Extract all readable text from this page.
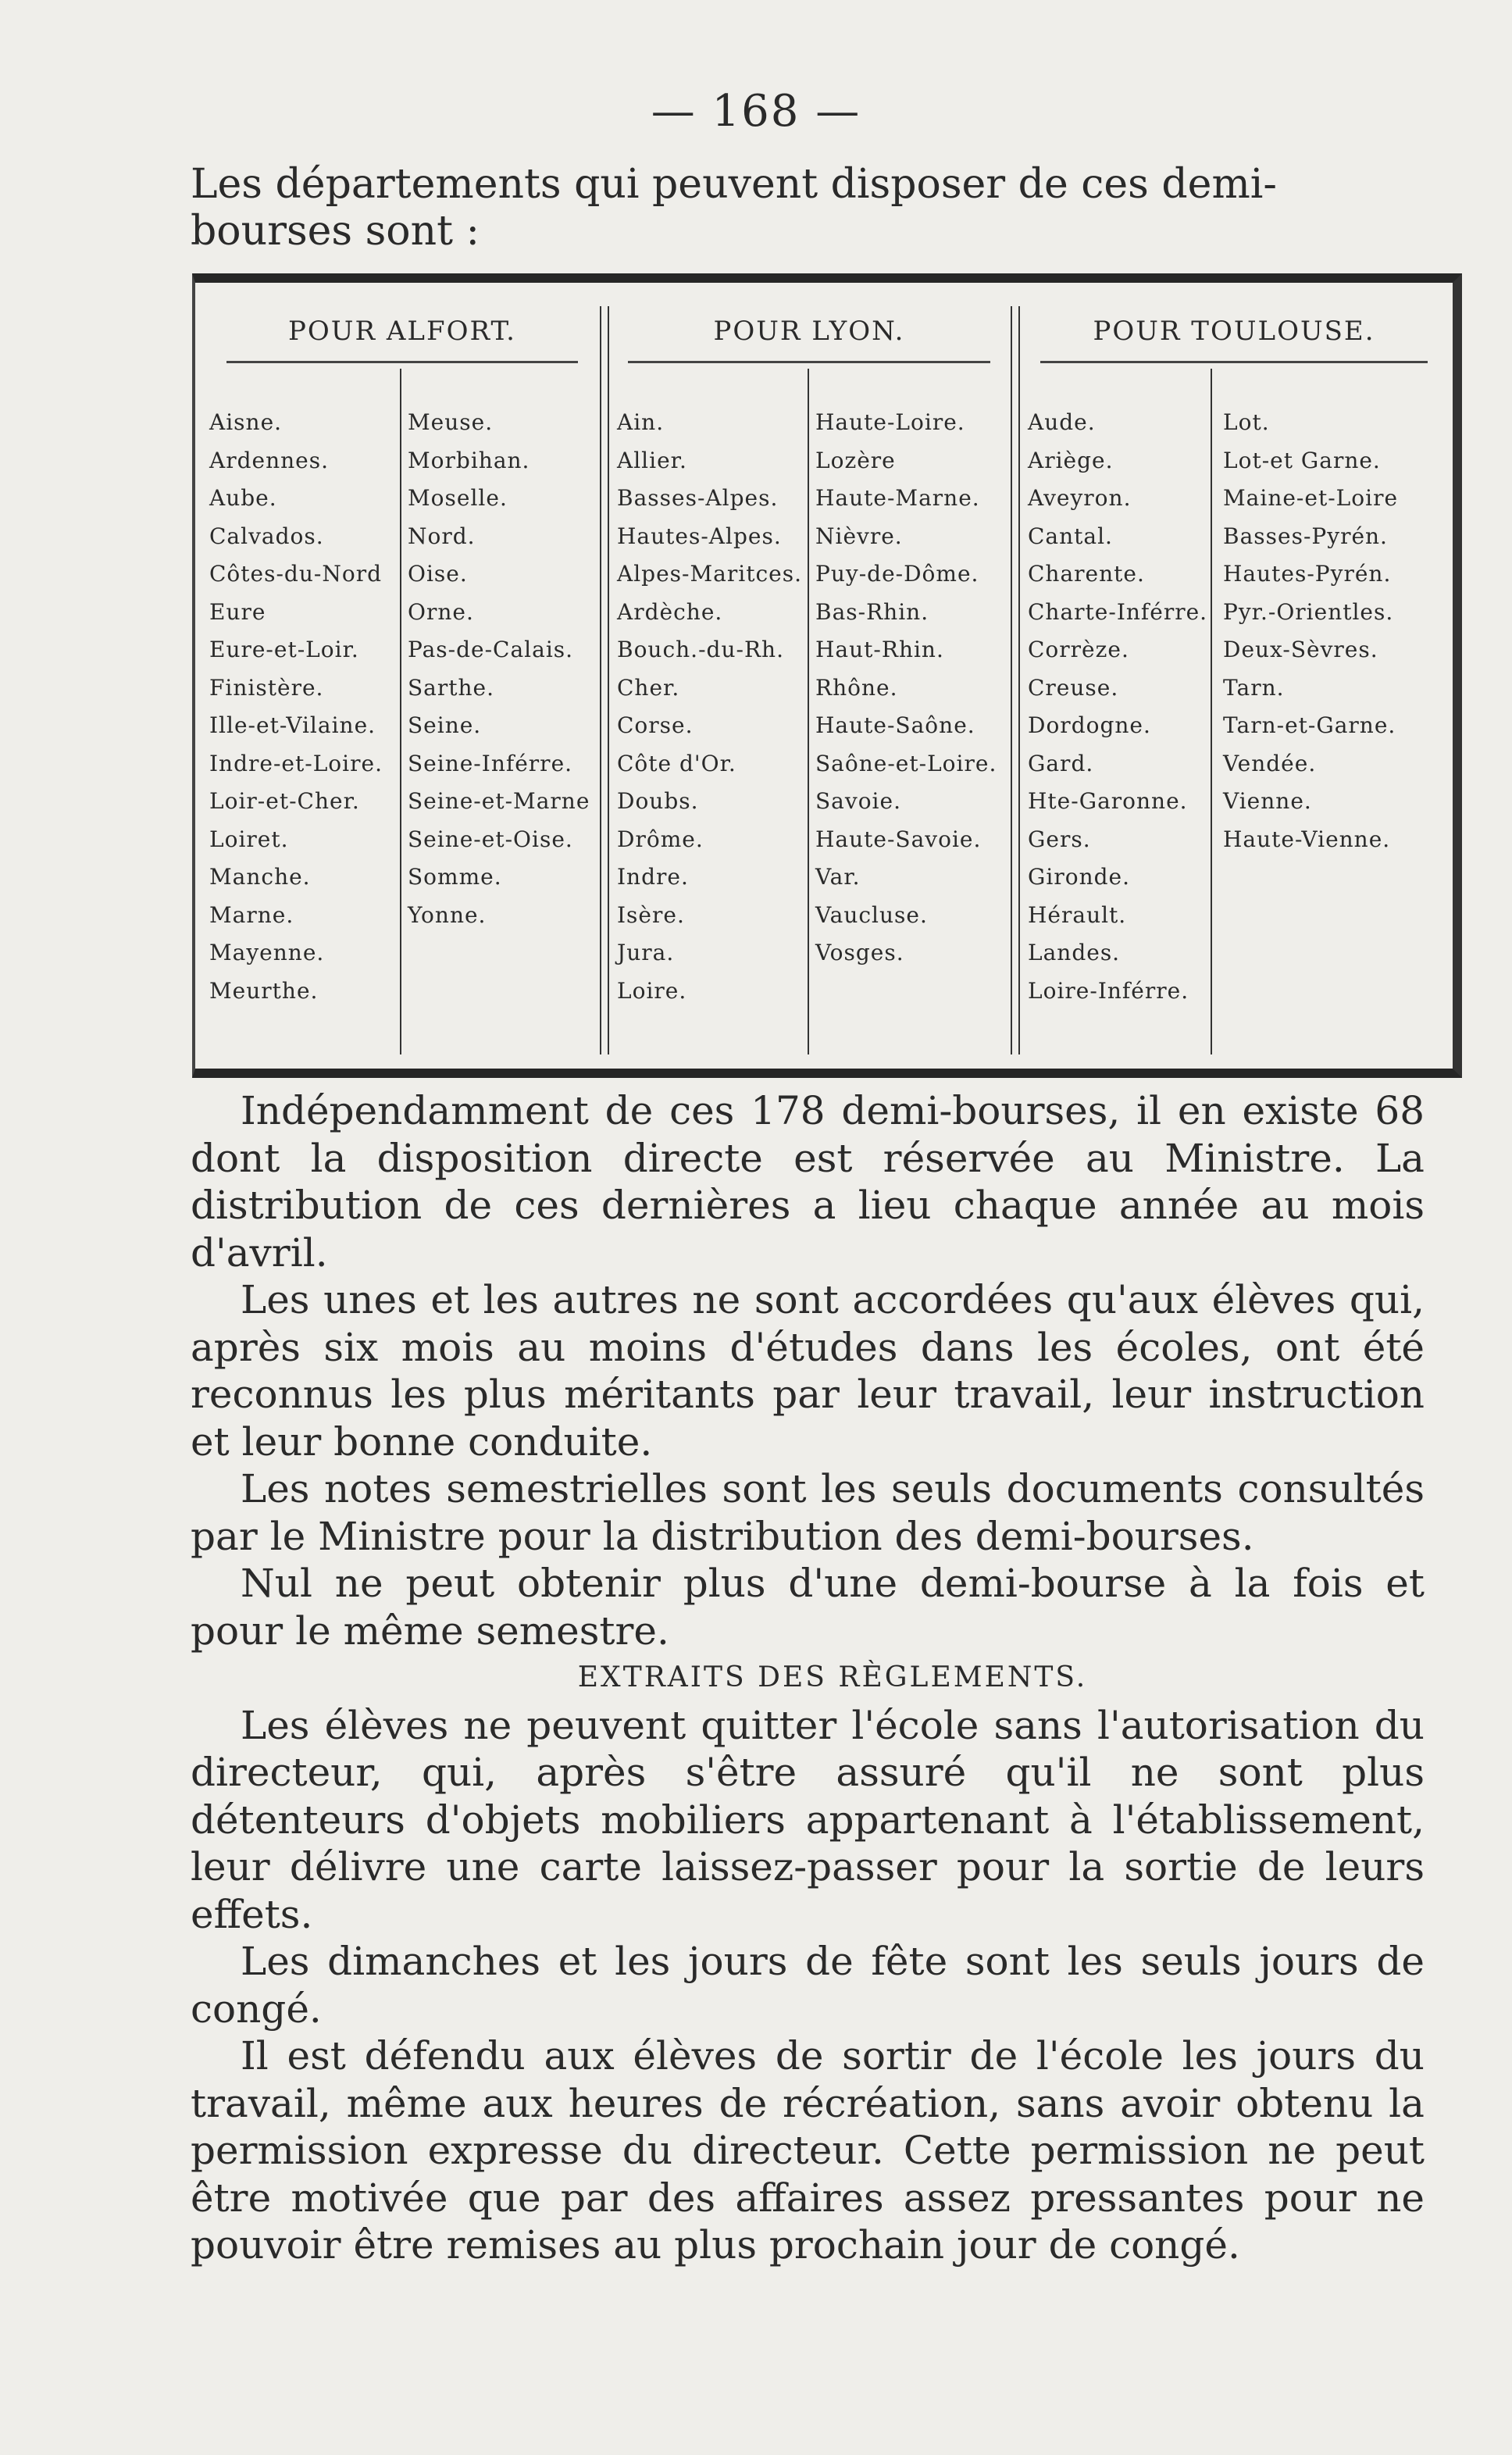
— 168 —

Les départements qui peuvent disposer de ces demi-bourses sont :

POUR ALFORT.	POUR LYON.	POUR TOULOUSE.
Aisne.
Ardennes.
Aube.
Calvados.
Côtes-du-Nord
Eure
Eure-et-Loir.
Finistère.
Ille-et-Vilaine.
Indre-et-Loire.
Loir-et-Cher.
Loiret.
Manche.
Marne.
Mayenne.
Meurthe.
Meuse.
Morbihan.
Moselle.
Nord.
Oise.
Orne.
Pas-de-Calais.
Sarthe.
Seine.
Seine-Inférre.
Seine-et-Marne
Seine-et-Oise.
Somme.
Yonne.
Ain.
Allier.
Basses-Alpes.
Hautes-Alpes.
Alpes-Maritces.
Ardèche.
Bouch.-du-Rh.
Cher.
Corse.
Côte d'Or.
Doubs.
Drôme.
Indre.
Isère.
Jura.
Loire.
Haute-Loire.
Lozère
Haute-Marne.
Nièvre.
Puy-de-Dôme.
Bas-Rhin.
Haut-Rhin.
Rhône.
Haute-Saône.
Saône-et-Loire.
Savoie.
Haute-Savoie.
Var.
Vaucluse.
Vosges.
Aude.
Ariège.
Aveyron.
Cantal.
Charente.
Charte-Inférre.
Corrèze.
Creuse.
Dordogne.
Gard.
Hte-Garonne.
Gers.
Gironde.
Hérault.
Landes.
Loire-Inférre.
Lot.
Lot-et Garne.
Maine-et-Loire
Basses-Pyrén.
Hautes-Pyrén.
Pyr.-Orientles.
Deux-Sèvres.
Tarn.
Tarn-et-Garne.
Vendée.
Vienne.
Haute-Vienne.

Indépendamment de ces 178 demi-bourses, il en existe 68 dont la disposition directe est réservée au Ministre. La distribution de ces dernières a lieu chaque année au mois d'avril.

Les unes et les autres ne sont accordées qu'aux élèves qui, après six mois au moins d'études dans les écoles, ont été reconnus les plus méritants par leur travail, leur instruction et leur bonne conduite.

Les notes semestrielles sont les seuls documents consultés par le Ministre pour la distribution des demi-bourses.

Nul ne peut obtenir plus d'une demi-bourse à la fois et pour le même semestre.

EXTRAITS DES RÈGLEMENTS.

Les élèves ne peuvent quitter l'école sans l'autorisation du directeur, qui, après s'être assuré qu'il ne sont plus détenteurs d'objets mobiliers appartenant à l'établissement, leur délivre une carte laissez-passer pour la sortie de leurs effets.

Les dimanches et les jours de fête sont les seuls jours de congé.

Il est défendu aux élèves de sortir de l'école les jours du travail, même aux heures de récréation, sans avoir obtenu la permission expresse du directeur. Cette permission ne peut être motivée que par des affaires assez pressantes pour ne pouvoir être remises au plus prochain jour de congé.
